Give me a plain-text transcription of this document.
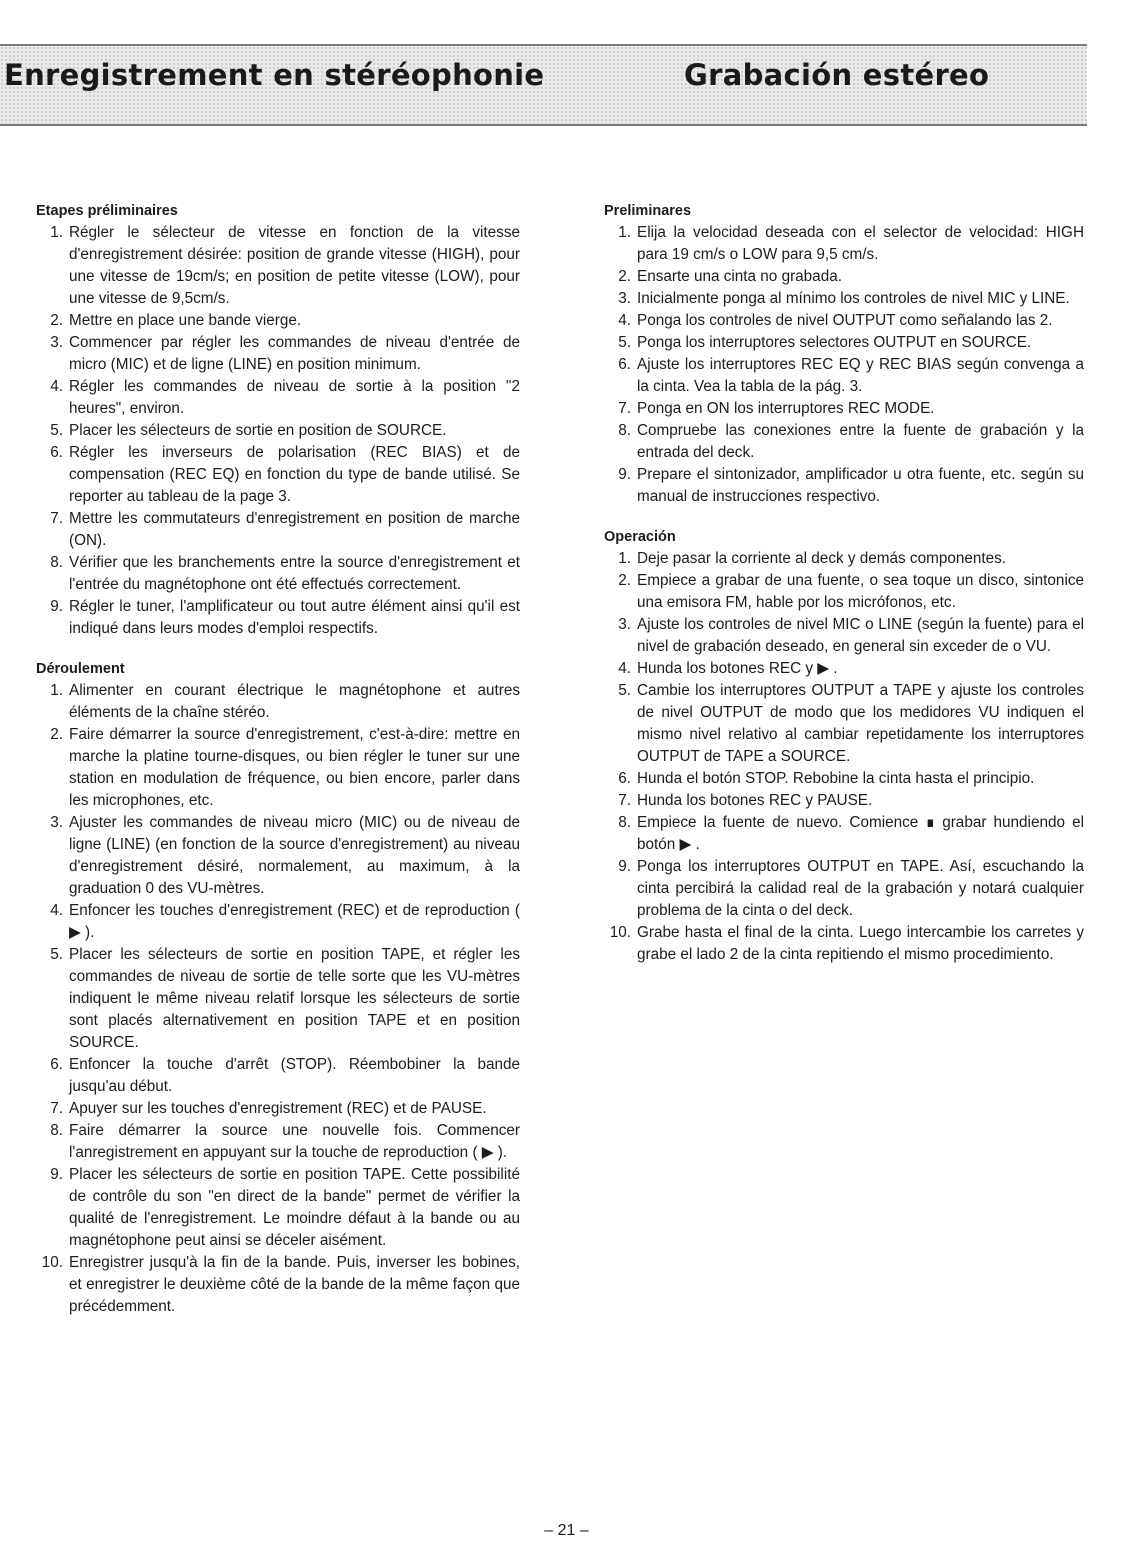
Enregistrement en stéréophonie	Grabación estéreo
Etapes préliminaires
1. Régler le sélecteur de vitesse en fonction de la vitesse d'enregistrement désirée: position de grande vitesse (HIGH), pour une vitesse de 19cm/s; en position de petite vitesse (LOW), pour une vitesse de 9,5cm/s.
2. Mettre en place une bande vierge.
3. Commencer par régler les commandes de niveau d'entrée de micro (MIC) et de ligne (LINE) en position minimum.
4. Régler les commandes de niveau de sortie à la position "2 heures", environ.
5. Placer les sélecteurs de sortie en position de SOURCE.
6. Régler les inverseurs de polarisation (REC BIAS) et de compensation (REC EQ) en fonction du type de bande utilisé. Se reporter au tableau de la page 3.
7. Mettre les commutateurs d'enregistrement en position de marche (ON).
8. Vérifier que les branchements entre la source d'enregistrement et l'entrée du magnétophone ont été effectués correctement.
9. Régler le tuner, l'amplificateur ou tout autre élément ainsi qu'il est indiqué dans leurs modes d'emploi respectifs.
Déroulement
1. Alimenter en courant électrique le magnétophone et autres éléments de la chaîne stéréo.
2. Faire démarrer la source d'enregistrement, c'est-à-dire: mettre en marche la platine tourne-disques, ou bien régler le tuner sur une station en modulation de fréquence, ou bien encore, parler dans les microphones, etc.
3. Ajuster les commandes de niveau micro (MIC) ou de niveau de ligne (LINE) (en fonction de la source d'enregistrement) au niveau d'enregistrement désiré, normalement, au maximum, à la graduation 0 des VU-mètres.
4. Enfoncer les touches d'enregistrement (REC) et de reproduction ( ▶ ).
5. Placer les sélecteurs de sortie en position TAPE, et régler les commandes de niveau de sortie de telle sorte que les VU-mètres indiquent le même niveau relatif lorsque les sélecteurs de sortie sont placés alternativement en position TAPE et en position SOURCE.
6. Enfoncer la touche d'arrêt (STOP). Réembobiner la bande jusqu'au début.
7. Apuyer sur les touches d'enregistrement (REC) et de PAUSE.
8. Faire démarrer la source une nouvelle fois. Commencer l'anregistrement en appuyant sur la touche de reproduction ( ▶ ).
9. Placer les sélecteurs de sortie en position TAPE. Cette possibilité de contrôle du son "en direct de la bande" permet de vérifier la qualité de l'enregistrement. Le moindre défaut à la bande ou au magnétophone peut ainsi se déceler aisément.
10. Enregistrer jusqu'à la fin de la bande. Puis, inverser les bobines, et enregistrer le deuxième côté de la bande de la même façon que précédemment.
Preliminares
1. Elija la velocidad deseada con el selector de velocidad: HIGH para 19 cm/s o LOW para 9,5 cm/s.
2. Ensarte una cinta no grabada.
3. Inicialmente ponga al mínimo los controles de nivel MIC y LINE.
4. Ponga los controles de nivel OUTPUT como señalando las 2.
5. Ponga los interruptores selectores OUTPUT en SOURCE.
6. Ajuste los interruptores REC EQ y REC BIAS según convenga a la cinta. Vea la tabla de la pág. 3.
7. Ponga en ON los interruptores REC MODE.
8. Compruebe las conexiones entre la fuente de grabación y la entrada del deck.
9. Prepare el sintonizador, amplificador u otra fuente, etc. según su manual de instrucciones respectivo.
Operación
1. Deje pasar la corriente al deck y demás componentes.
2. Empiece a grabar de una fuente, o sea toque un disco, sintonice una emisora FM, hable por los micrófonos, etc.
3. Ajuste los controles de nivel MIC o LINE (según la fuente) para el nivel de grabación deseado, en general sin exceder de o VU.
4. Hunda los botones REC y ▶ .
5. Cambie los interruptores OUTPUT a TAPE y ajuste los controles de nivel OUTPUT de modo que los medidores VU indiquen el mismo nivel relativo al cambiar repetidamente los interruptores OUTPUT de TAPE a SOURCE.
6. Hunda el botón STOP. Rebobine la cinta hasta el principio.
7. Hunda los botones REC y PAUSE.
8. Empiece la fuente de nuevo. Comience ∎ grabar hundiendo el botón ▶ .
9. Ponga los interruptores OUTPUT en TAPE. Así, escuchando la cinta percibirá la calidad real de la grabación y notará cualquier problema de la cinta o del deck.
10. Grabe hasta el final de la cinta. Luego intercambie los carretes y grabe el lado 2 de la cinta repitiendo el mismo procedimiento.
– 21 –
